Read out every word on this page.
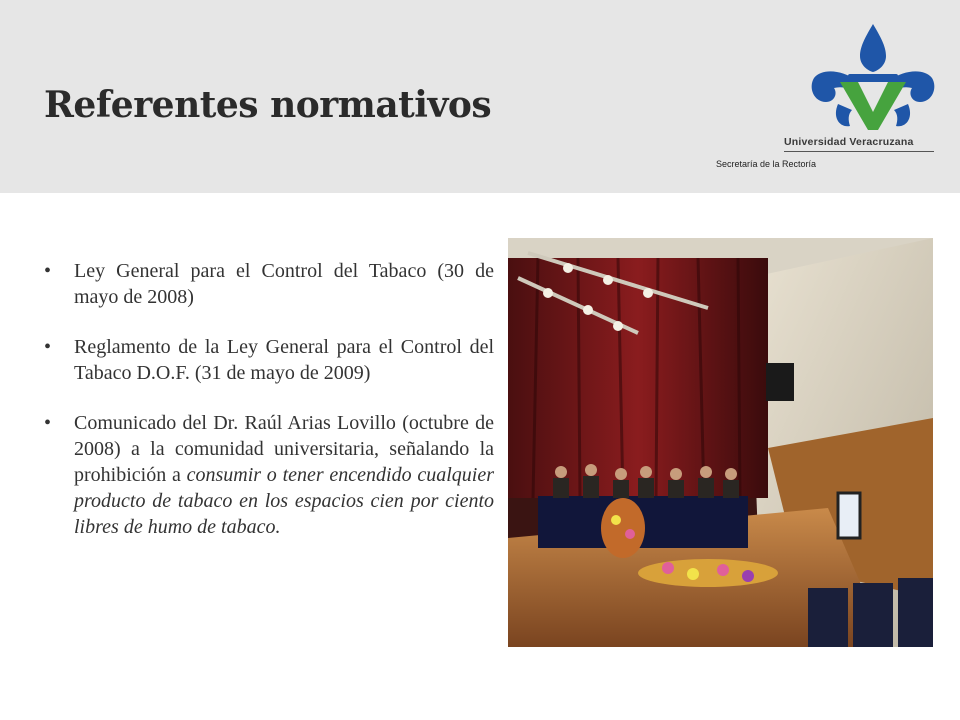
Referentes normativos
Universidad Veracruzana
Secretaría de la Rectoría
• Ley General para el Control del Tabaco (30 de mayo de 2008)
• Reglamento de la Ley General para el Control del Tabaco D.O.F. (31 de mayo de 2009)
• Comunicado del Dr. Raúl Arias Lovillo (octubre de 2008) a la comunidad universitaria, señalando la prohibición a consumir o tener encendido cualquier producto de tabaco en los espacios cien por ciento libres de humo de tabaco.
